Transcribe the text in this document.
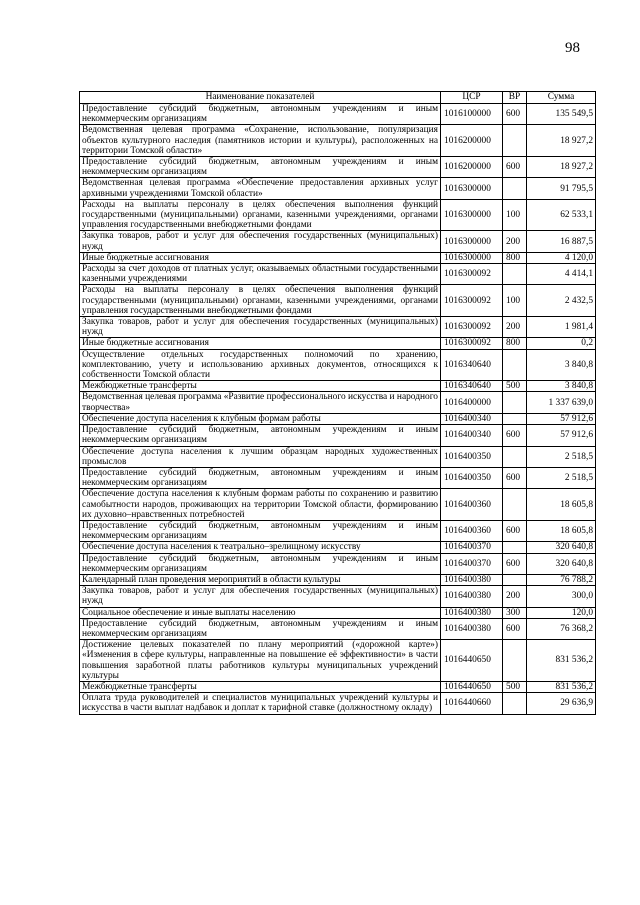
98
Наименование показателей	ЦСР	ВР	Сумма
Предоставление субсидий бюджетным, автономным учреждениям и иным некоммерческим организациям	1016100000	600	135 549,5
Ведомственная целевая программа «Сохранение, использование, популяризация объектов культурного наследия (памятников истории и культуры), расположенных на территории Томской области»	1016200000		18 927,2
Предоставление субсидий бюджетным, автономным учреждениям и иным некоммерческим организациям	1016200000	600	18 927,2
Ведомственная целевая программа «Обеспечение предоставления архивных услуг архивными учреждениями Томской области»	1016300000		91 795,5
Расходы на выплаты персоналу в целях обеспечения выполнения функций государственными (муниципальными) органами, казенными учреждениями, органами управления государственными внебюджетными фондами	1016300000	100	62 533,1
Закупка товаров, работ и услуг для обеспечения государственных (муниципальных) нужд	1016300000	200	16 887,5
Иные бюджетные ассигнования	1016300000	800	4 120,0
Расходы за счет доходов от платных услуг, оказываемых областными государственными казенными учреждениями	1016300092		4 414,1
Расходы на выплаты персоналу в целях обеспечения выполнения функций государственными (муниципальными) органами, казенными учреждениями, органами управления государственными внебюджетными фондами	1016300092	100	2 432,5
Закупка товаров, работ и услуг для обеспечения государственных (муниципальных) нужд	1016300092	200	1 981,4
Иные бюджетные ассигнования	1016300092	800	0,2
Осуществление отдельных государственных полномочий по хранению, комплектованию, учету и использованию архивных документов, относящихся к собственности Томской области	1016340640		3 840,8
Межбюджетные трансферты	1016340640	500	3 840,8
Ведомственная целевая программа «Развитие профессионального искусства и народного творчества»	1016400000		1 337 639,0
Обеспечение доступа населения к клубным формам работы	1016400340		57 912,6
Предоставление субсидий бюджетным, автономным учреждениям и иным некоммерческим организациям	1016400340	600	57 912,6
Обеспечение доступа населения к лучшим образцам народных художественных промыслов	1016400350		2 518,5
Предоставление субсидий бюджетным, автономным учреждениям и иным некоммерческим организациям	1016400350	600	2 518,5
Обеспечение доступа населения к клубным формам работы по сохранению и развитию самобытности народов, проживающих на территории Томской области, формированию их духовно–нравственных потребностей	1016400360		18 605,8
Предоставление субсидий бюджетным, автономным учреждениям и иным некоммерческим организациям	1016400360	600	18 605,8
Обеспечение доступа населения к театрально–зрелищному искусству	1016400370		320 640,8
Предоставление субсидий бюджетным, автономным учреждениям и иным некоммерческим организациям	1016400370	600	320 640,8
Календарный план проведения мероприятий в области культуры	1016400380		76 788,2
Закупка товаров, работ и услуг для обеспечения государственных (муниципальных) нужд	1016400380	200	300,0
Социальное обеспечение и иные выплаты населению	1016400380	300	120,0
Предоставление субсидий бюджетным, автономным учреждениям и иным некоммерческим организациям	1016400380	600	76 368,2
Достижение целевых показателей по плану мероприятий («дорожной карте») «Изменения в сфере культуры, направленные на повышение её эффективности» в части повышения заработной платы работников культуры муниципальных учреждений культуры	1016440650		831 536,2
Межбюджетные трансферты	1016440650	500	831 536,2
Оплата труда руководителей и специалистов муниципальных учреждений культуры и искусства в части выплат надбавок и доплат к тарифной ставке (должностному окладу)	1016440660		29 636,9
